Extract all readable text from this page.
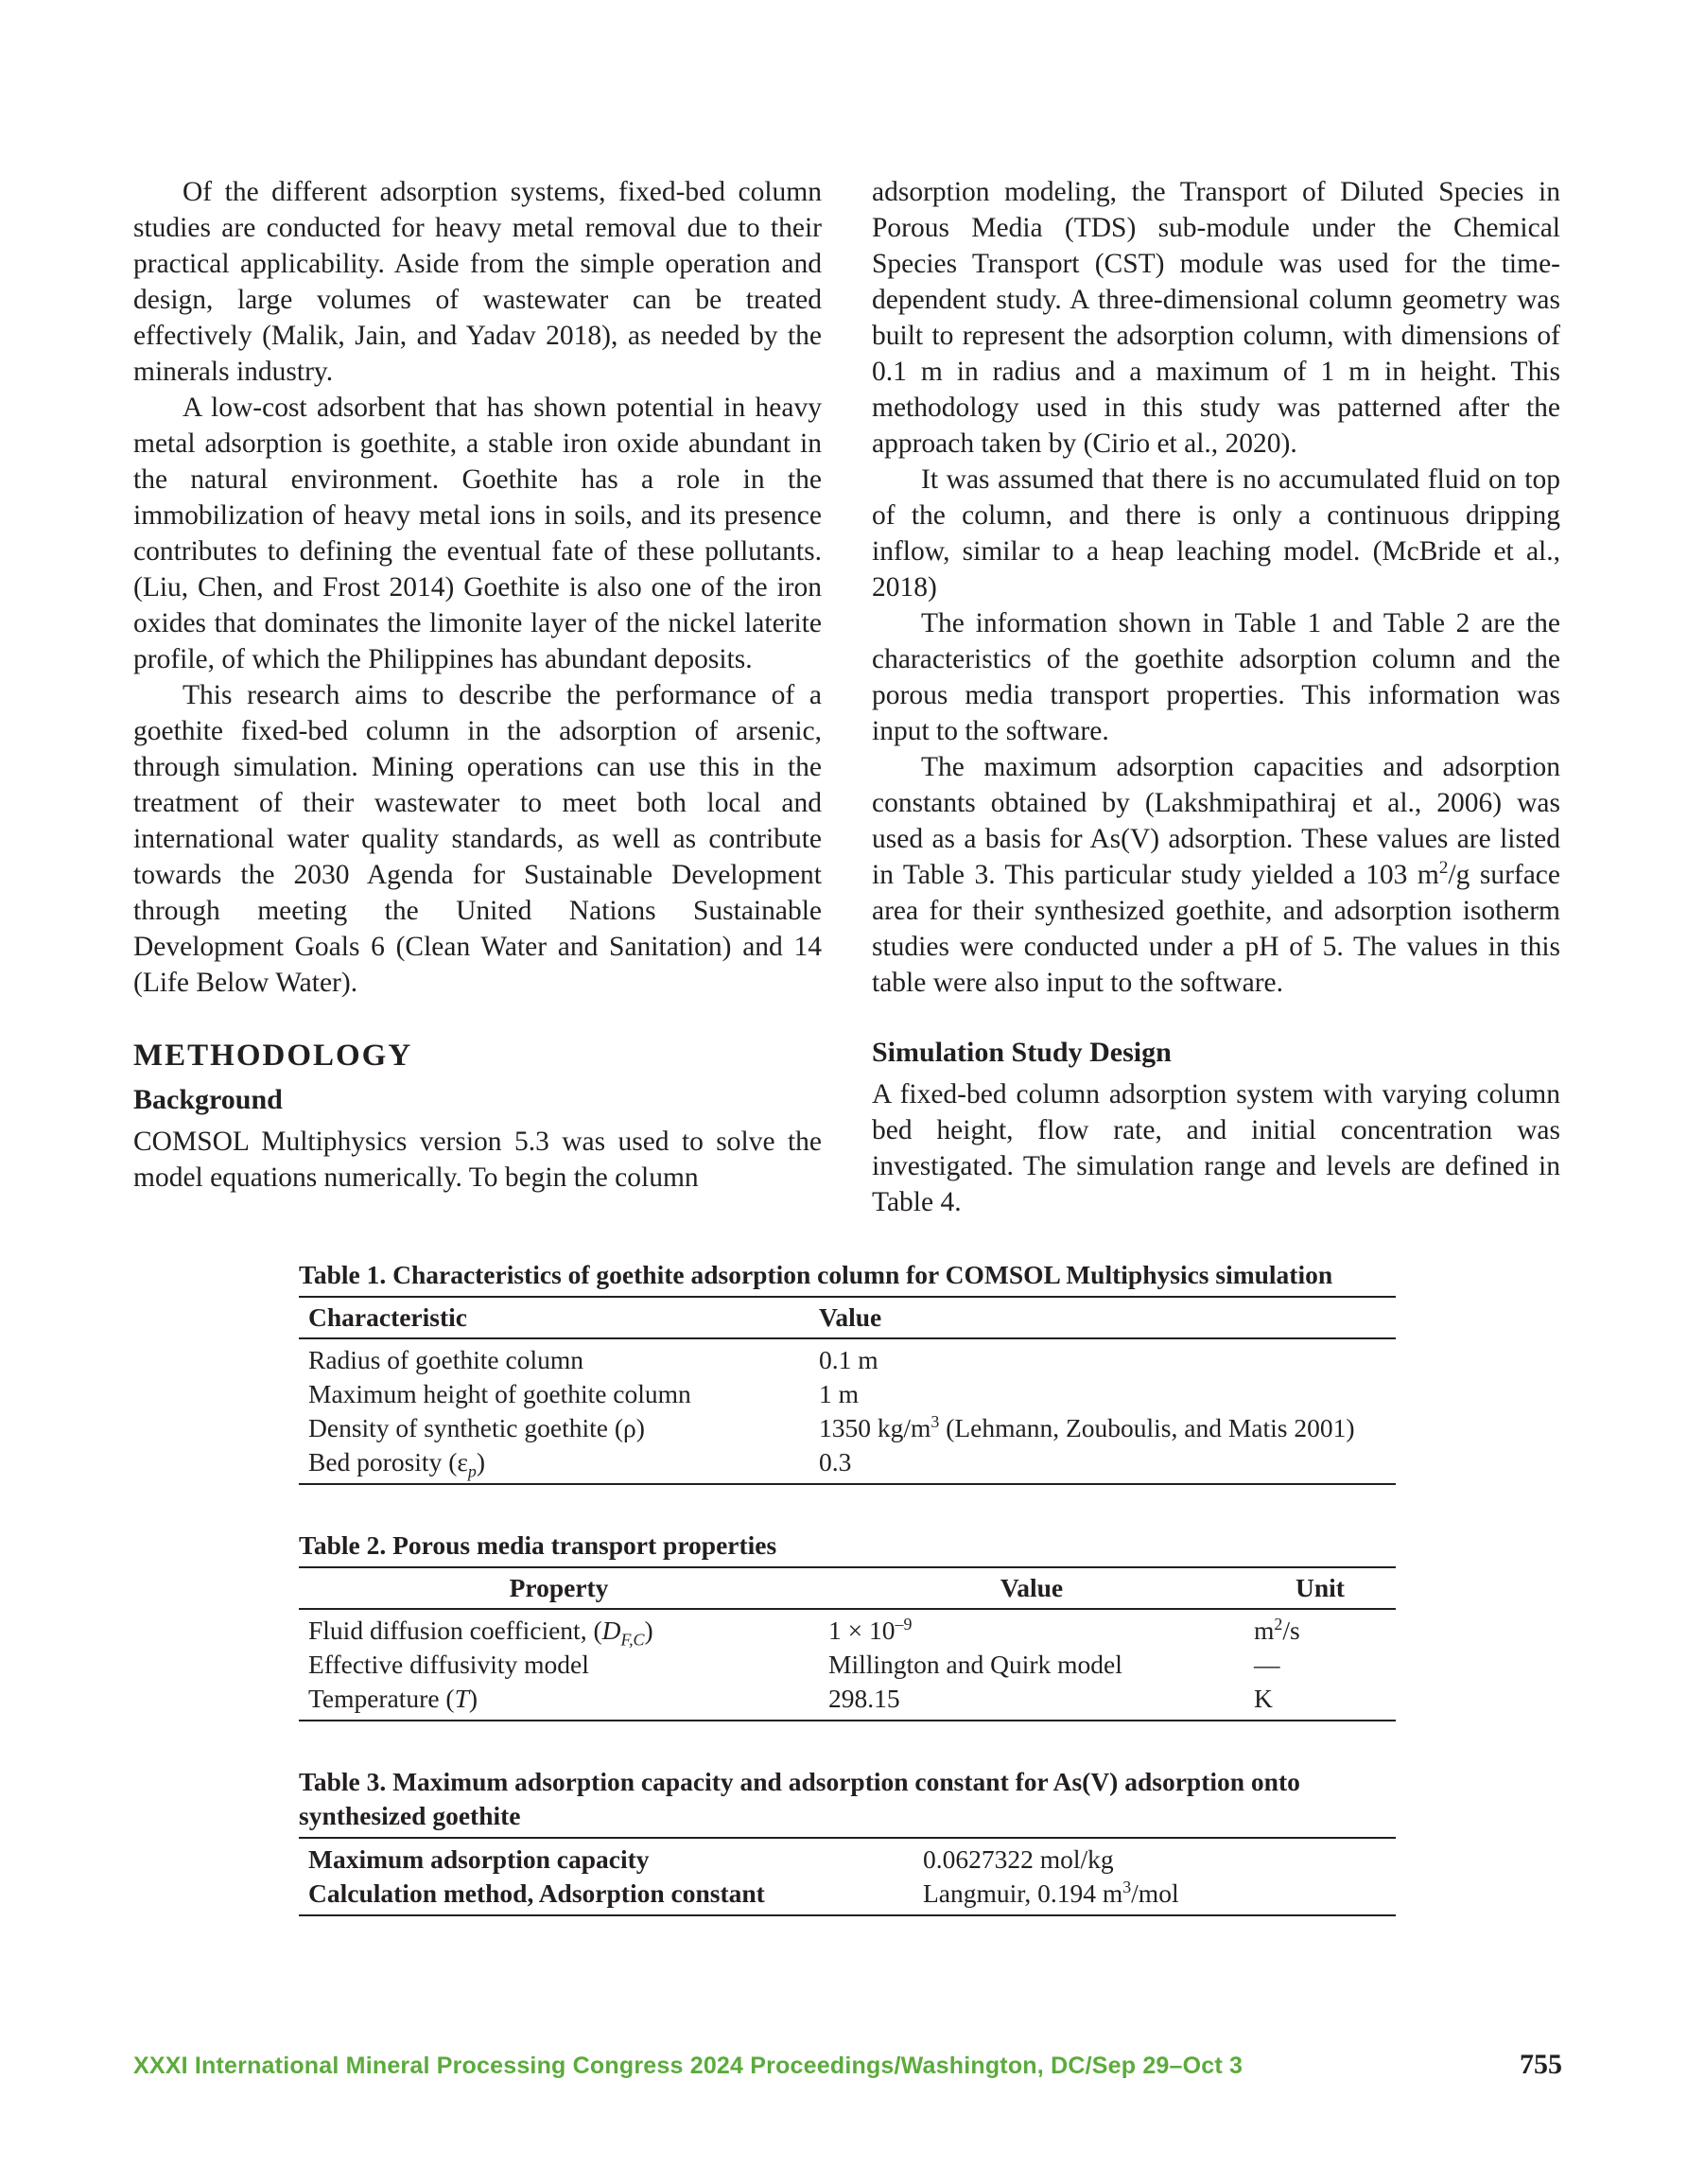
Of the different adsorption systems, fixed-bed column studies are conducted for heavy metal removal due to their practical applicability. Aside from the simple operation and design, large volumes of wastewater can be treated effectively (Malik, Jain, and Yadav 2018), as needed by the minerals industry.

A low-cost adsorbent that has shown potential in heavy metal adsorption is goethite, a stable iron oxide abundant in the natural environment. Goethite has a role in the immobilization of heavy metal ions in soils, and its presence contributes to defining the eventual fate of these pollutants. (Liu, Chen, and Frost 2014) Goethite is also one of the iron oxides that dominates the limonite layer of the nickel laterite profile, of which the Philippines has abundant deposits.

This research aims to describe the performance of a goethite fixed-bed column in the adsorption of arsenic, through simulation. Mining operations can use this in the treatment of their wastewater to meet both local and international water quality standards, as well as contribute towards the 2030 Agenda for Sustainable Development through meeting the United Nations Sustainable Development Goals 6 (Clean Water and Sanitation) and 14 (Life Below Water).

METHODOLOGY
Background

COMSOL Multiphysics version 5.3 was used to solve the model equations numerically. To begin the column

adsorption modeling, the Transport of Diluted Species in Porous Media (TDS) sub-module under the Chemical Species Transport (CST) module was used for the time-dependent study. A three-dimensional column geometry was built to represent the adsorption column, with dimensions of 0.1 m in radius and a maximum of 1 m in height. This methodology used in this study was patterned after the approach taken by (Cirio et al., 2020).

It was assumed that there is no accumulated fluid on top of the column, and there is only a continuous dripping inflow, similar to a heap leaching model. (McBride et al., 2018)

The information shown in Table 1 and Table 2 are the characteristics of the goethite adsorption column and the porous media transport properties. This information was input to the software.

The maximum adsorption capacities and adsorption constants obtained by (Lakshmipathiraj et al., 2006) was used as a basis for As(V) adsorption. These values are listed in Table 3. This particular study yielded a 103 $m^2/g$ surface area for their synthesized goethite, and adsorption isotherm studies were conducted under a pH of 5. The values in this table were also input to the software.

Simulation Study Design

A fixed-bed column adsorption system with varying column bed height, flow rate, and initial concentration was investigated. The simulation range and levels are defined in Table 4.

Table 1. Characteristics of goethite adsorption column for COMSOL Multiphysics simulation
Characteristic	Value
Radius of goethite column	0.1 m
Maximum height of goethite column	1 m
Density of synthetic goethite (ρ)	1350 $kg/m^3$ (Lehmann, Zouboulis, and Matis 2001)
Bed porosity $(\varepsilon_p)$	0.3
Table 2. Porous media transport properties
Property	Value	Unit
Fluid diffusion coefficient, $(D_{F,C})$	$1 \times 10^{-9}$	$m^2/s$
Effective diffusivity model	Millington and Quirk model	—
Temperature (T)	298.15	K
Table 3. Maximum adsorption capacity and adsorption constant for As(V) adsorption onto synthesized goethite
Maximum adsorption capacity	0.0627322 mol/kg
Calculation method, Adsorption constant	Langmuir, 0.194 $m^3$/mol
XXXI International Mineral Processing Congress 2024 Proceedings/Washington, DC/Sep 29–Oct 3	755
